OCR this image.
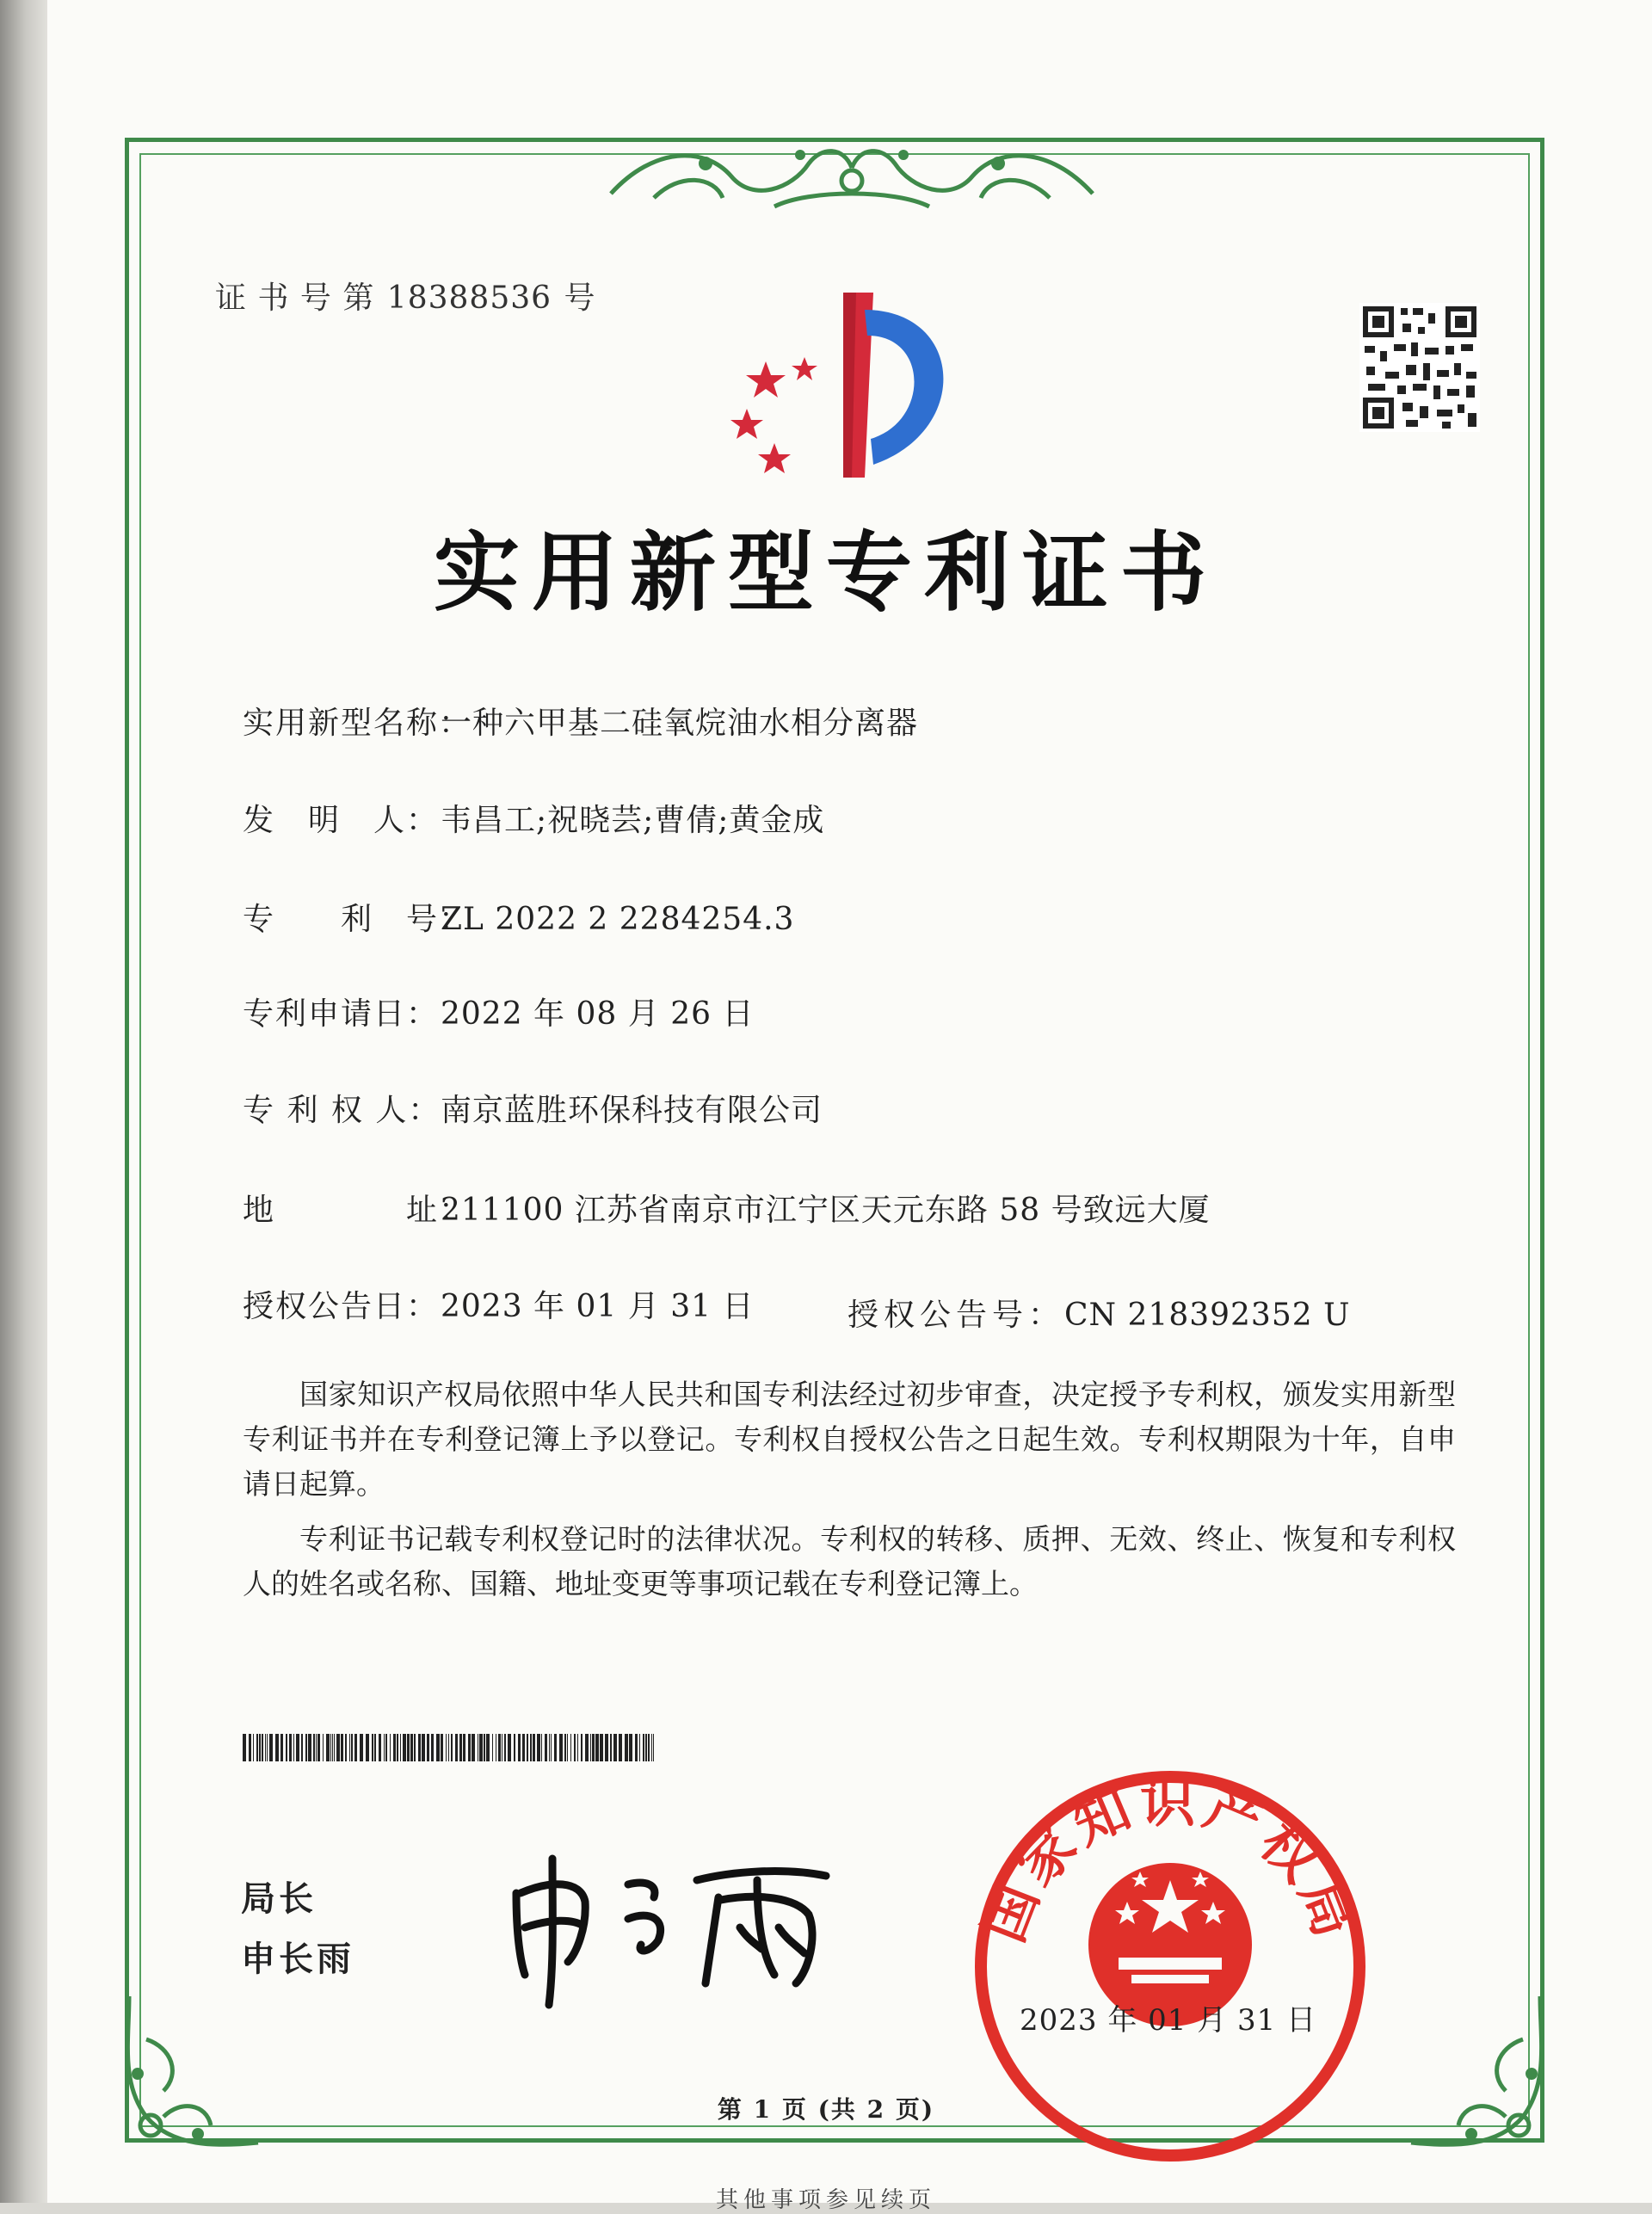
证 书 号 第 18388536 号
实用新型专利证书
实用新型名称：一种六甲基二硅氧烷油水相分离器
发　明　人：韦昌工;祝晓芸;曹倩;黄金成
专　　利　号：ZL 2022 2 2284254.3
专利申请日：2022 年 08 月 26 日
专 利 权 人：南京蓝胜环保科技有限公司
地　　　　址：211100 江苏省南京市江宁区天元东路 58 号致远大厦
授权公告日：2023 年 01 月 31 日	授权公告号：CN 218392352 U

国家知识产权局依照中华人民共和国专利法经过初步审查，决定授予专利权，颁发实用新型专利证书并在专利登记簿上予以登记。专利权自授权公告之日起生效。专利权期限为十年，自申请日起算。

专利证书记载专利权登记时的法律状况。专利权的转移、质押、无效、终止、恢复和专利权人的姓名或名称、国籍、地址变更等事项记载在专利登记簿上。

局长
申长雨
国家知识产权局
2023 年 01 月 31 日
第 1 页 (共 2 页)
其他事项参见续页
